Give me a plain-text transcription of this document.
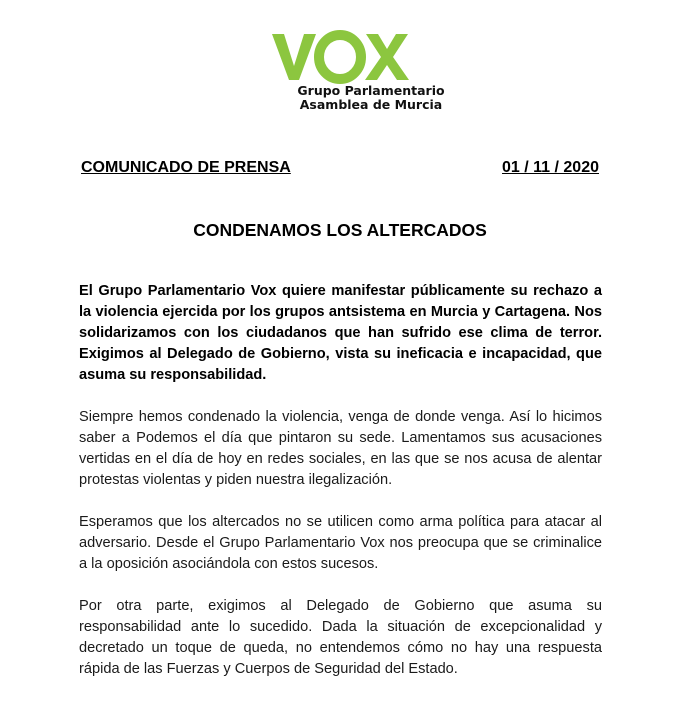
Grupo Parlamentario
Asamblea de Murcia
COMUNICADO DE PRENSA	01 / 11 / 2020
CONDENAMOS LOS ALTERCADOS

El Grupo Parlamentario Vox quiere manifestar públicamente su rechazo a la violencia ejercida por los grupos antsistema en Murcia y Cartagena. Nos solidarizamos con los ciudadanos que han sufrido ese clima de terror. Exigimos al Delegado de Gobierno, vista su ineficacia e incapacidad, que asuma su responsabilidad.

Siempre hemos condenado la violencia, venga de donde venga. Así lo hicimos saber a Podemos el día que pintaron su sede. Lamentamos sus acusaciones vertidas en el día de hoy en redes sociales, en las que se nos acusa de alentar protestas violentas y piden nuestra ilegalización.

Esperamos que los altercados no se utilicen como arma política para atacar al adversario. Desde el Grupo Parlamentario Vox nos preocupa que se criminalice a la oposición asociándola con estos sucesos.

Por otra parte, exigimos al Delegado de Gobierno que asuma su responsabilidad ante lo sucedido. Dada la situación de excepcionalidad y decretado un toque de queda, no entendemos cómo no hay una respuesta rápida de las Fuerzas y Cuerpos de Seguridad del Estado.
